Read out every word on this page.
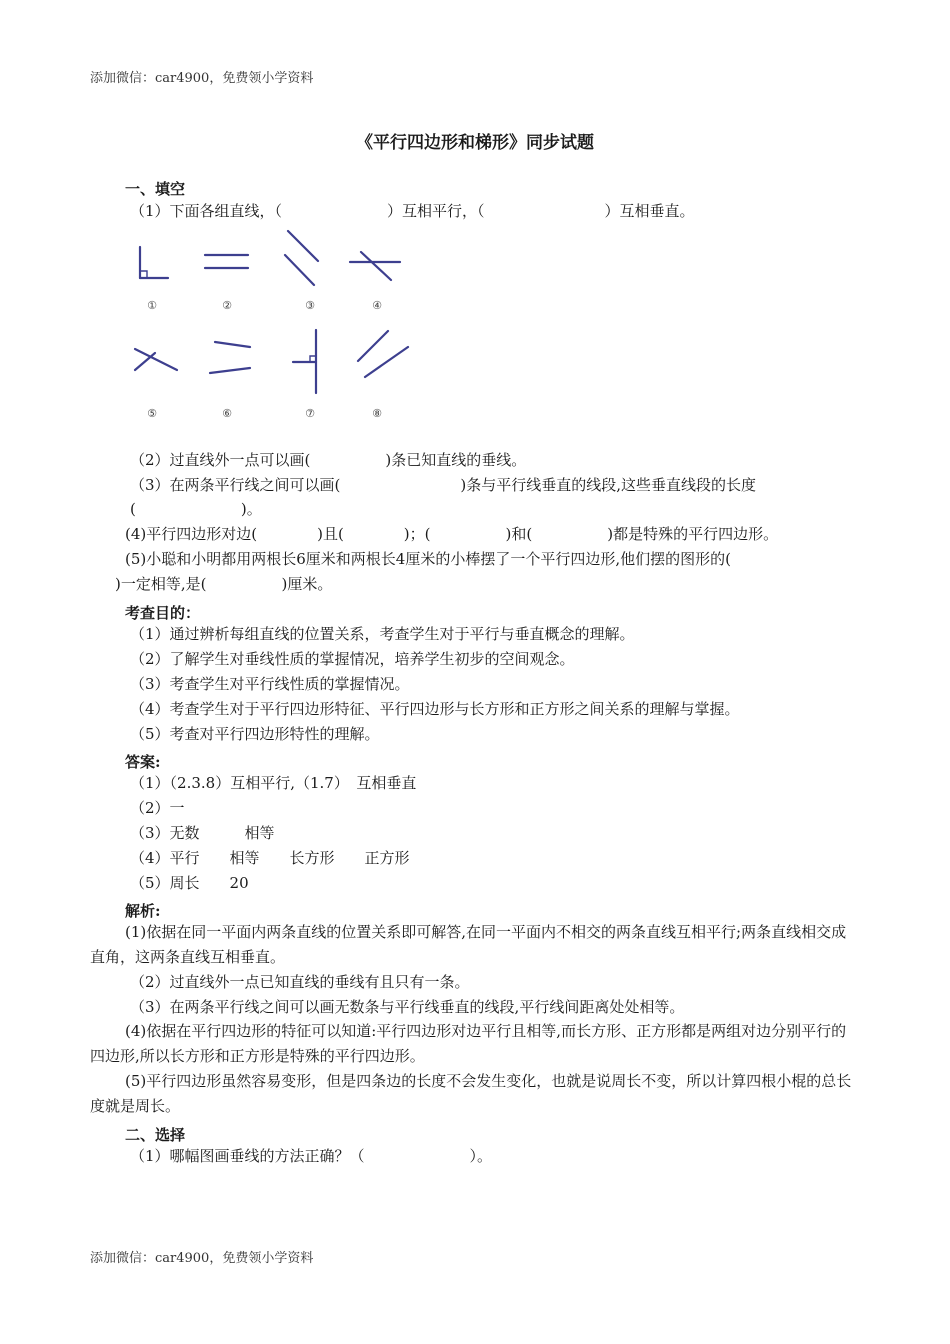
添加微信：car4900，免费领小学资料
《平行四边形和梯形》同步试题
一、填空
（1）下面各组直线，（　　　　　　　）互相平行，（　　　　　　　　）互相垂直。
①	②	③	④
⑤	⑥	⑦	⑧
（2）过直线外一点可以画(　　　　　)条已知直线的垂线。
（3）在两条平行线之间可以画(　　　　　　　　)条与平行线垂直的线段,这些垂直线段的长度
(　　　　　　　)。
(4)平行四边形对边(　　　　)且(　　　　)；(　　　　　)和(　　　　　)都是特殊的平行四边形。
(5)小聪和小明都用两根长6厘米和两根长4厘米的小棒摆了一个平行四边形,他们摆的图形的(
)一定相等,是(　　　　　)厘米。
考查目的：
（1）通过辨析每组直线的位置关系，考查学生对于平行与垂直概念的理解。
（2）了解学生对垂线性质的掌握情况，培养学生初步的空间观念。
（3）考查学生对平行线性质的掌握情况。
（4）考查学生对于平行四边形特征、平行四边形与长方形和正方形之间关系的理解与掌握。
（5）考查对平行四边形特性的理解。
答案:
（1）（2.3.8）互相平行,（1.7）　互相垂直
（2）一
（3）无数　　　相等
（4）平行　　相等　　长方形　　正方形
（5）周长　　20
解析:
(1)依据在同一平面内两条直线的位置关系即可解答,在同一平面内不相交的两条直线互相平行;两条直线相交成直角，这两条直线互相垂直。
（2）过直线外一点已知直线的垂线有且只有一条。
（3）在两条平行线之间可以画无数条与平行线垂直的线段,平行线间距离处处相等。
(4)依据在平行四边形的特征可以知道:平行四边形对边平行且相等,而长方形、正方形都是两组对边分别平行的四边形,所以长方形和正方形是特殊的平行四边形。
(5)平行四边形虽然容易变形，但是四条边的长度不会发生变化，也就是说周长不变，所以计算四根小棍的总长度就是周长。
二、选择
（1）哪幅图画垂线的方法正确？（　　　　　　　）。
添加微信：car4900，免费领小学资料
